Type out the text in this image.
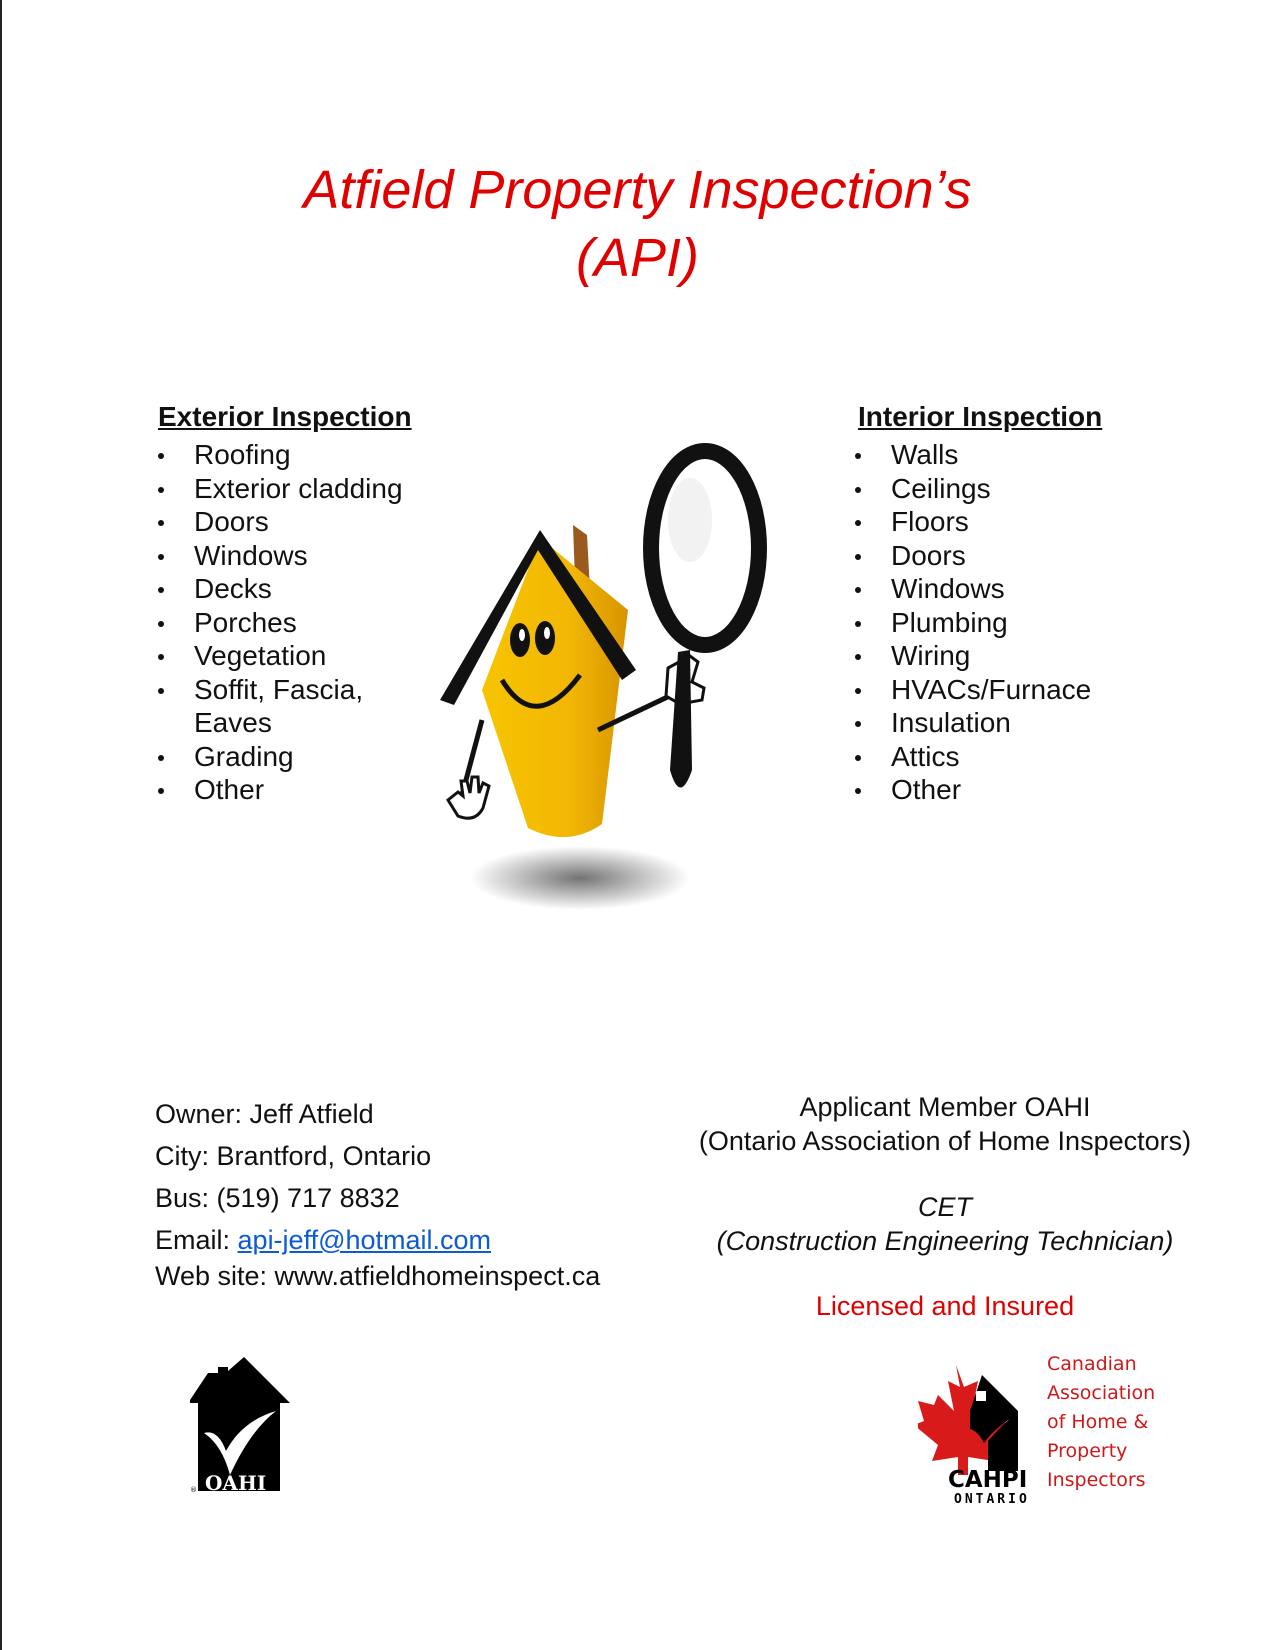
Atfield Property Inspection’s
(API)
Exterior Inspection
Roofing
Exterior cladding
Doors
Windows
Decks
Porches
Vegetation
Soffit, Fascia, Eaves
Grading
Other
Interior Inspection
Walls
Ceilings
Floors
Doors
Windows
Plumbing
Wiring
HVACs/Furnace
Insulation
Attics
Other
Owner: Jeff Atfield
City: Brantford, Ontario
Bus: (519) 717 8832
Email: api-jeff@hotmail.com
Web site: www.atfieldhomeinspect.ca
Applicant Member OAHI
(Ontario Association of Home Inspectors)
CET
(Construction Engineering Technician)
Licensed and Insured
OAHI
®	CAHPI
ONTARIO
Canadian
Association
of Home &
Property
Inspectors
